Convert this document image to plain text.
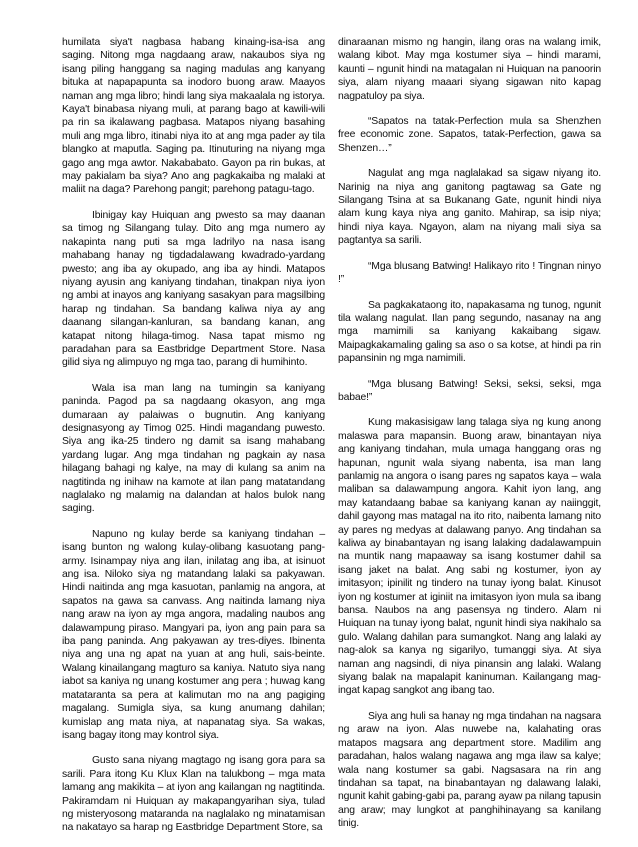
humilata siya't nagbasa habang kinaing-isa-isa ang saging. Nitong mga nagdaang araw, nakaubos siya ng isang piling hanggang sa naging madulas ang kanyang bituka at napapapunta sa inodoro buong araw. Maayos naman ang mga libro; hindi lang siya makaalala ng istorya. Kaya't binabasa niyang muli, at parang bago at kawili-wili pa rin sa ikalawang pagbasa. Matapos niyang basahing muli ang mga libro, itinabi niya ito at ang mga pader ay tila blangko at maputla. Saging pa. Itinuturing na niyang mga gago ang mga awtor. Nakababato. Gayon pa rin bukas, at may pakialam ba siya? Ano ang pagkakaiba ng malaki at maliit na daga? Parehong pangit; parehong patagu-tago.

Ibinigay kay Huiquan ang pwesto sa may daanan sa timog ng Silangang tulay. Dito ang mga numero ay nakapinta nang puti sa mga ladrilyo na nasa isang mahabang hanay ng tigdadalawang kwadrado-yardang pwesto; ang iba ay okupado, ang iba ay hindi. Matapos niyang ayusin ang kaniyang tindahan, tinakpan niya iyon ng ambi at inayos ang kaniyang sasakyan para magsilbing harap ng tindahan. Sa bandang kaliwa niya ay ang daanang silangan-kanluran, sa bandang kanan, ang katapat nitong hilaga-timog. Nasa tapat mismo ng paradahan para sa Eastbridge Department Store. Nasa gilid siya ng alimpuyo ng mga tao, parang di humihinto.

Wala isa man lang na tumingin sa kaniyang paninda. Pagod pa sa nagdaang okasyon, ang mga dumaraan ay palaiwas o bugnutin. Ang kaniyang designasyong ay Timog 025. Hindi magandang puwesto. Siya ang ika-25 tindero ng damit sa isang mahabang yardang lugar. Ang mga tindahan ng pagkain ay nasa hilagang bahagi ng kalye, na may di kulang sa anim na nagtitinda ng inihaw na kamote at ilan pang matatandang naglalako ng malamig na dalandan at halos bulok nang saging.

Napuno ng kulay berde sa kaniyang tindahan – isang bunton ng walong kulay-olibang kasuotang pang-army. Isinampay niya ang ilan, inilatag ang iba, at isinuot ang isa. Niloko siya ng matandang lalaki sa pakyawan. Hindi naitinda ang mga kasuotan, panlamig na angora, at sapatos na gawa sa canvass. Ang naitinda lamang niya nang araw na iyon ay mga angora, madaling naubos ang dalawampung piraso. Mangyari pa, iyon ang pain para sa iba pang paninda. Ang pakyawan ay tres-diyes. Ibinenta niya ang una ng apat na yuan at ang huli, sais-beinte. Walang kinailangang magturo sa kaniya. Natuto siya nang iabot sa kaniya ng unang kostumer ang pera ; huwag kang matataranta sa pera at kalimutan mo na ang pagiging magalang. Sumigla siya, sa kung anumang dahilan; kumislap ang mata niya, at napanatag siya. Sa wakas, isang bagay itong may kontrol siya.

Gusto sana niyang magtago ng isang gora para sa sarili. Para itong Ku Klux Klan na talukbong – mga mata lamang ang makikita – at iyon ang kailangan ng nagtitinda. Pakiramdam ni Huiquan ay makapangyarihan siya, tulad ng misteryosong mataranda na naglalako ng minatamisan na nakatayo sa harap ng Eastbridge Department Store, sa

dinaraanan mismo ng hangin, ilang oras na walang imik, walang kibot. May mga kostumer siya – hindi marami, kaunti – ngunit hindi na matagalan ni Huiquan na panoorin siya, alam niyang maaari siyang sigawan nito kapag nagpatuloy pa siya.

“Sapatos na tatak-Perfection mula sa Shenzhen free economic zone. Sapatos, tatak-Perfection, gawa sa Shenzen…”

Nagulat ang mga naglalakad sa sigaw niyang ito. Narinig na niya ang ganitong pagtawag sa Gate ng Silangang Tsina at sa Bukanang Gate, ngunit hindi niya alam kung kaya niya ang ganito. Mahirap, sa isip niya; hindi niya kaya. Ngayon, alam na niyang mali siya sa pagtantya sa sarili.

“Mga blusang Batwing! Halikayo rito ! Tingnan ninyo !”

Sa pagkakataong ito, napakasama ng tunog, ngunit tila walang nagulat. Ilan pang segundo, nasanay na ang mga mamimili sa kaniyang kakaibang sigaw. Maipagkakamaling galing sa aso o sa kotse, at hindi pa rin papansinin ng mga namimili.

“Mga blusang Batwing! Seksi, seksi, seksi, mga babae!”

Kung makasisigaw lang talaga siya ng kung anong malaswa para mapansin. Buong araw, binantayan niya ang kaniyang tindahan, mula umaga hanggang oras ng hapunan, ngunit wala siyang nabenta, isa man lang panlamig na angora o isang pares ng sapatos kaya – wala maliban sa dalawampung angora. Kahit iyon lang, ang may katandaang babae sa kaniyang kanan ay naiinggit, dahil gayong mas matagal na ito rito, naibenta lamang nito ay pares ng medyas at dalawang panyo. Ang tindahan sa kaliwa ay binabantayan ng isang lalaking dadalawampuin na muntik nang mapaaway sa isang kostumer dahil sa isang jaket na balat. Ang sabi ng kostumer, iyon ay imitasyon; ipinilit ng tindero na tunay iyong balat. Kinusot iyon ng kostumer at iginiit na imitasyon iyon mula sa ibang bansa. Naubos na ang pasensya ng tindero. Alam ni Huiquan na tunay iyong balat, ngunit hindi siya nakihalo sa gulo. Walang dahilan para sumangkot. Nang ang lalaki ay nag-alok sa kanya ng sigarilyo, tumanggi siya. At siya naman ang nagsindi, di niya pinansin ang lalaki. Walang siyang balak na mapalapit kaninuman. Kailangang mag-ingat kapag sangkot ang ibang tao.

Siya ang huli sa hanay ng mga tindahan na nagsara ng araw na iyon. Alas nuwebe na, kalahating oras matapos magsara ang department store. Madilim ang paradahan, halos walang nagawa ang mga ilaw sa kalye; wala nang kostumer sa gabi. Nagsasara na rin ang tindahan sa tapat, na binabantayan ng dalawang lalaki, ngunit kahit gabing-gabi pa, parang ayaw pa nilang tapusin ang araw; may lungkot at panghihinayang sa kanilang tinig.
